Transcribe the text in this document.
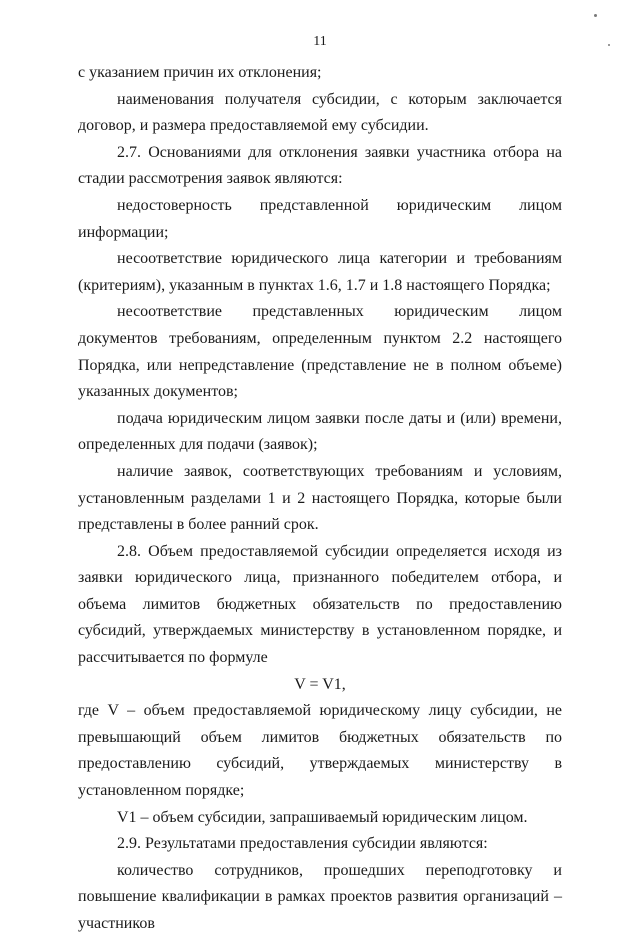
11

с указанием причин их отклонения;

наименования получателя субсидии, с которым заключается договор, и размера предоставляемой ему субсидии.

2.7. Основаниями для отклонения заявки участника отбора на стадии рассмотрения заявок являются:

недостоверность представленной юридическим лицом информации;

несоответствие юридического лица категории и требованиям (критериям), указанным в пунктах 1.6, 1.7 и 1.8 настоящего Порядка;

несоответствие представленных юридическим лицом документов требованиям, определенным пунктом 2.2 настоящего Порядка, или непредставление (представление не в полном объеме) указанных документов;

подача юридическим лицом заявки после даты и (или) времени, определенных для подачи (заявок);

наличие заявок, соответствующих требованиям и условиям, установленным разделами 1 и 2 настоящего Порядка, которые были представлены в более ранний срок.

2.8. Объем предоставляемой субсидии определяется исходя из заявки юридического лица, признанного победителем отбора, и объема лимитов бюджетных обязательств по предоставлению субсидий, утверждаемых министерству в установленном порядке, и рассчитывается по формуле

V = V1,

где V – объем предоставляемой юридическому лицу субсидии, не превышающий объем лимитов бюджетных обязательств по предоставлению субсидий, утверждаемых министерству в установленном порядке;

V1 – объем субсидии, запрашиваемый юридическим лицом.

2.9. Результатами предоставления субсидии являются:

количество сотрудников, прошедших переподготовку и повышение квалификации в рамках проектов развития организаций – участников
